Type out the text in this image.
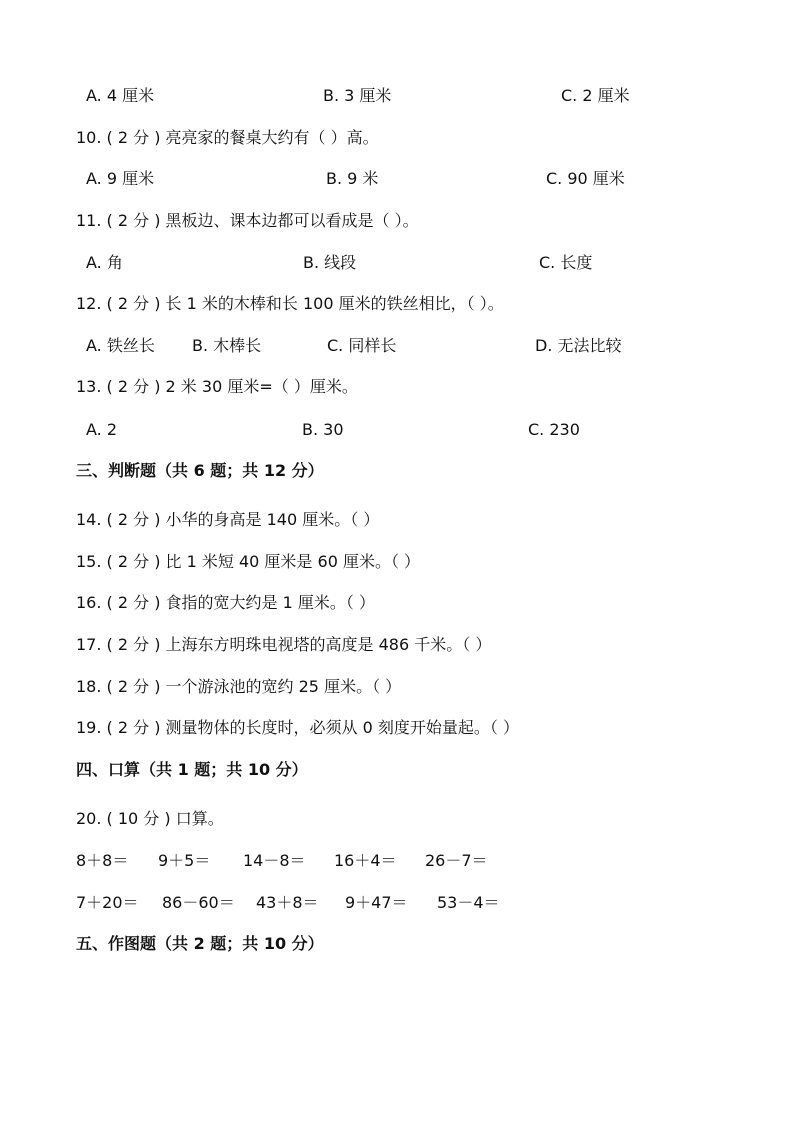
A. 4 厘米	B. 3 厘米	C. 2 厘米
10. ( 2 分 ) 亮亮家的餐桌大约有（ ）高。
A. 9 厘米	B. 9 米	C. 90 厘米
11. ( 2 分 ) 黑板边、课本边都可以看成是（ ）。
A. 角	B. 线段	C. 长度
12. ( 2 分 ) 长 1 米的木棒和长 100 厘米的铁丝相比，（ ）。
A. 铁丝长 B. 木棒长	C. 同样长	D. 无法比较
13. ( 2 分 ) 2 米 30 厘米=（ ）厘米。
A. 2	B. 30	C. 230
三、判断题（共 6 题；共 12 分）
14. ( 2 分 ) 小华的身高是 140 厘米。（ ）
15. ( 2 分 ) 比 1 米短 40 厘米是 60 厘米。（ ）
16. ( 2 分 ) 食指的宽大约是 1 厘米。（ ）
17. ( 2 分 ) 上海东方明珠电视塔的高度是 486 千米。（ ）
18. ( 2 分 ) 一个游泳池的宽约 25 厘米。（ ）
19. ( 2 分 ) 测量物体的长度时，必须从 0 刻度开始量起。（ ）
四、口算（共 1 题；共 10 分）
20. ( 10 分 ) 口算。
8＋8＝ 9＋5＝ 14－8＝ 16＋4＝ 26－7＝
7＋20＝ 86－60＝ 43＋8＝ 9＋47＝ 53－4＝
五、作图题（共 2 题；共 10 分）
